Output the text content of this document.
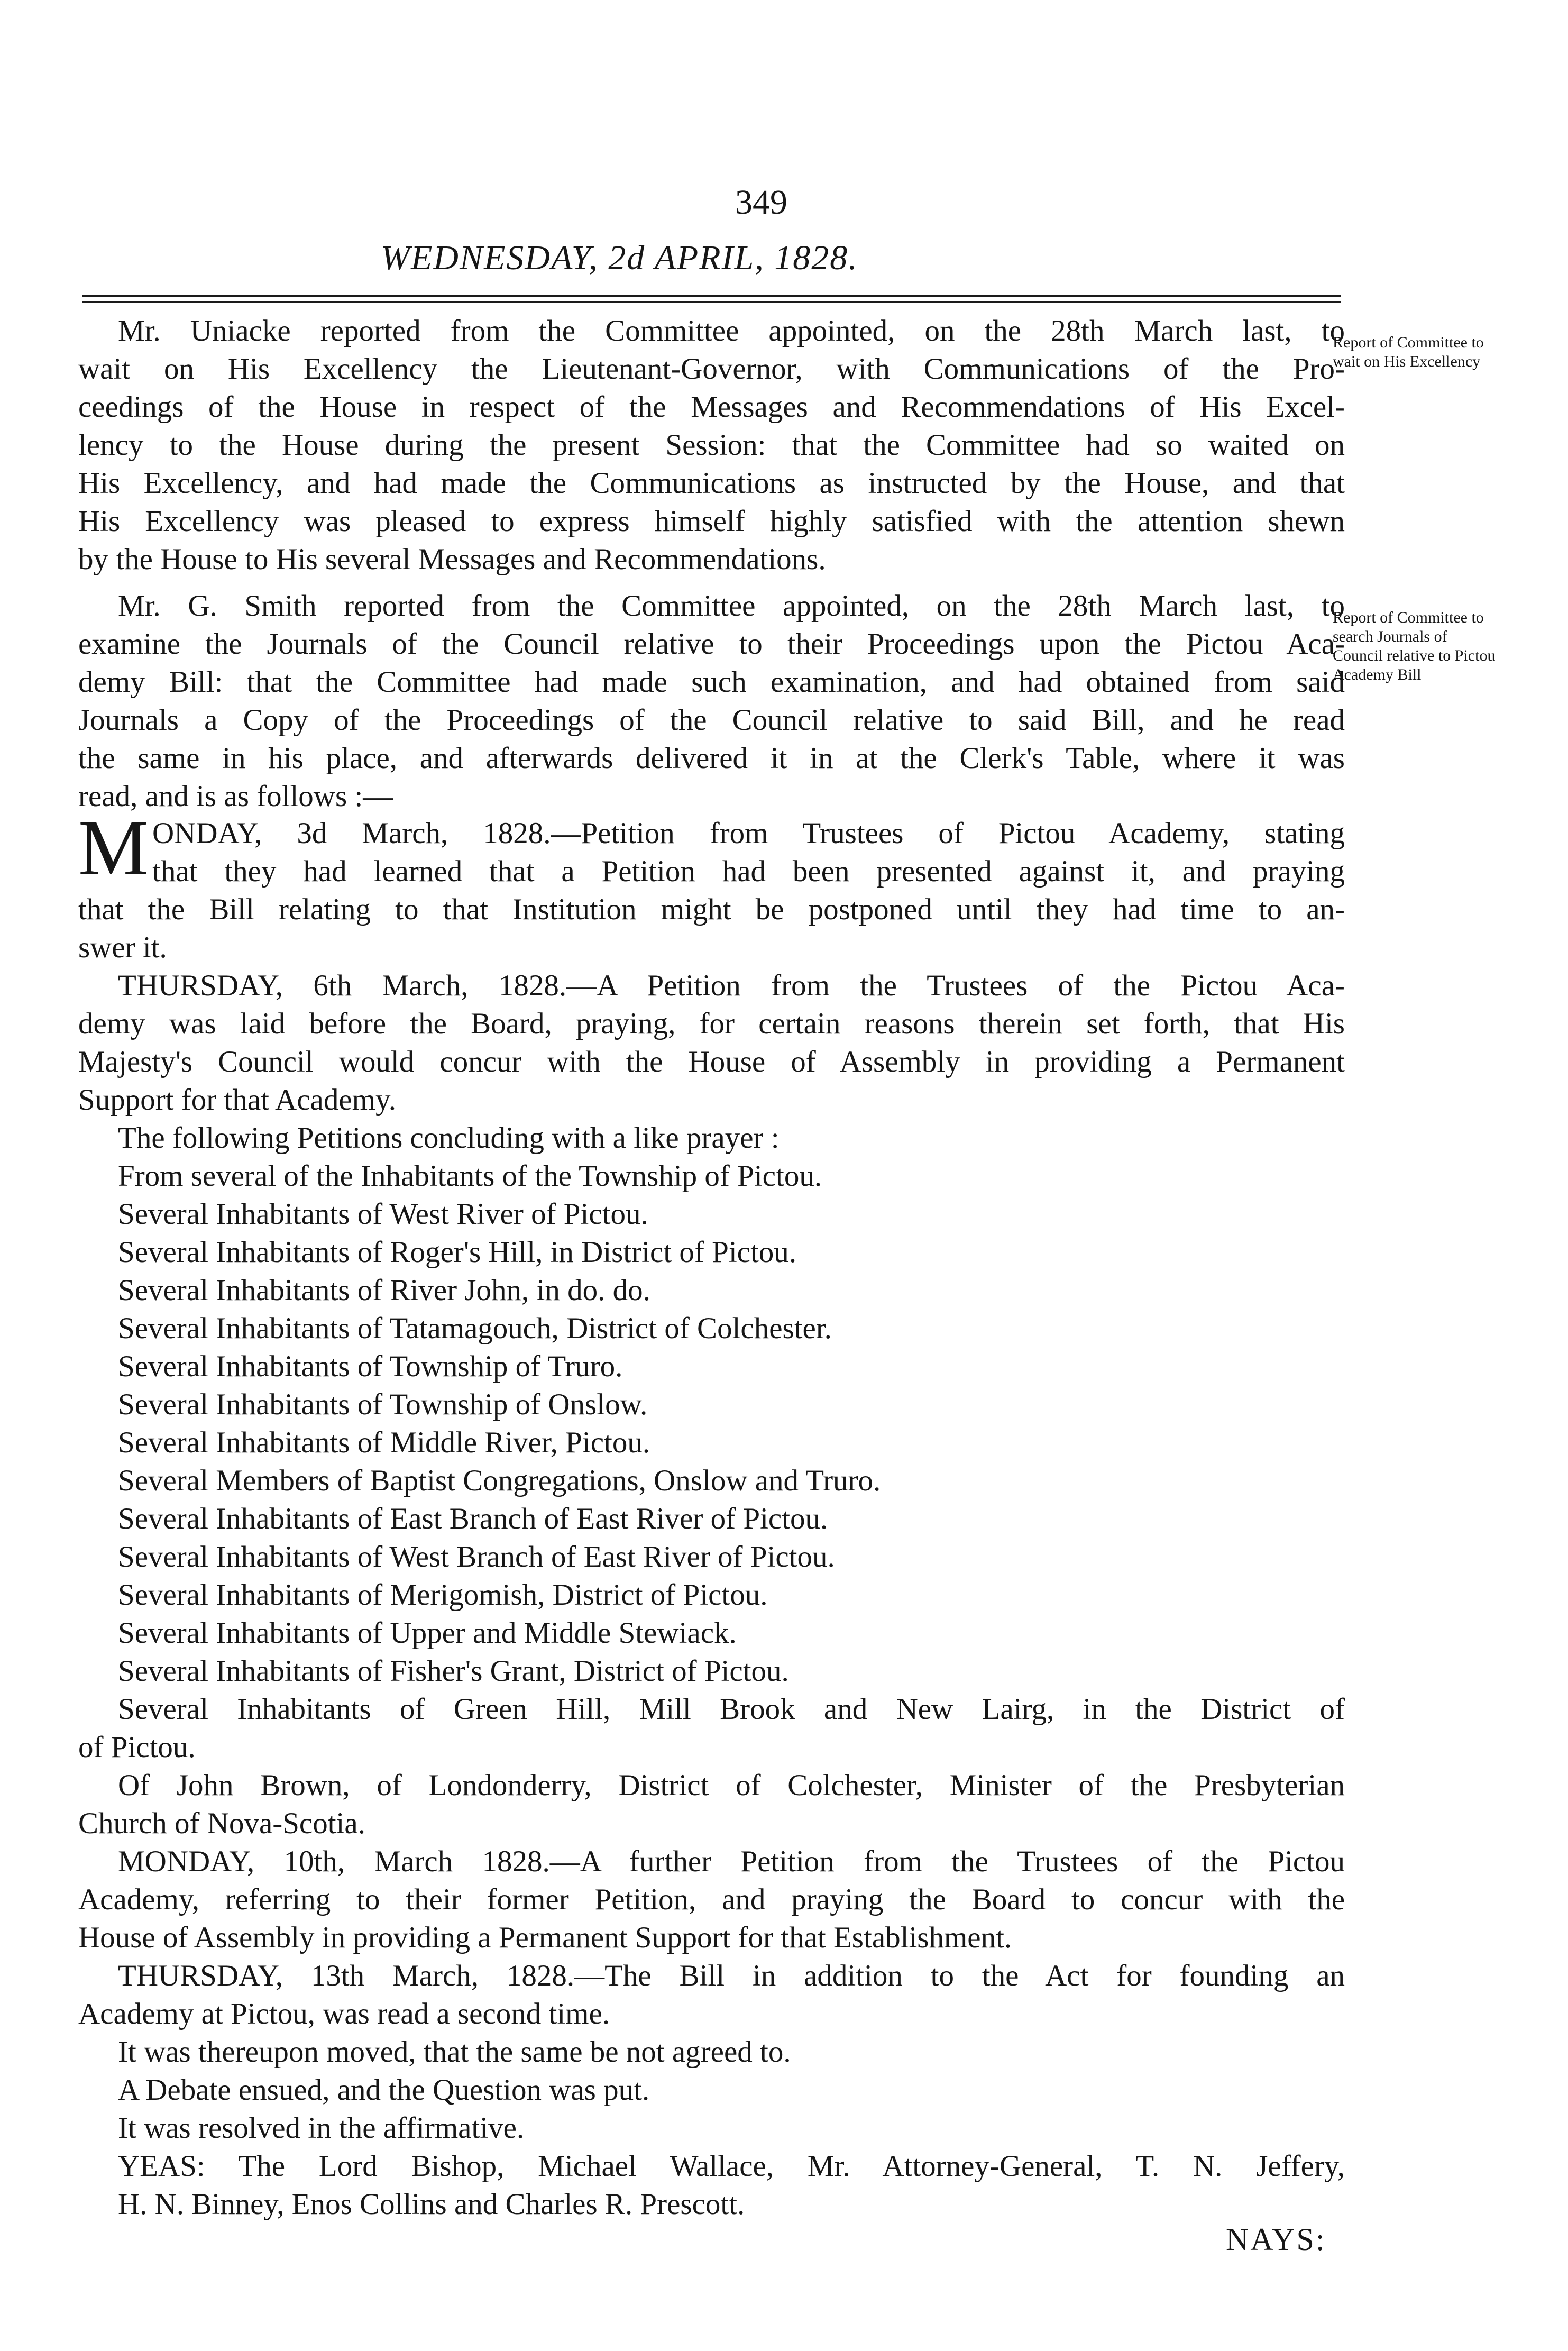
349
WEDNESDAY, 2d APRIL, 1828.
Mr. Uniacke reported from the Committee appointed, on the 28th March last, to
wait on His Excellency the Lieutenant-Governor, with Communications of the Pro-
ceedings of the House in respect of the Messages and Recommendations of His Excel-
lency to the House during the present Session: that the Committee had so waited on
His Excellency, and had made the Communications as instructed by the House, and that
His Excellency was pleased to express himself highly satisfied with the attention shewn
by the House to His several Messages and Recommendations.
Mr. G. Smith reported from the Committee appointed, on the 28th March last, to
examine the Journals of the Council relative to their Proceedings upon the Pictou Aca-
demy Bill: that the Committee had made such examination, and had obtained from said
Journals a Copy of the Proceedings of the Council relative to said Bill, and he read
the same in his place, and afterwards delivered it in at the Clerk's Table, where it was
read, and is as follows :—
M ONDAY, 3d March, 1828.—Petition from Trustees of Pictou Academy, stating
that they had learned that a Petition had been presented against it, and praying
that the Bill relating to that Institution might be postponed until they had time to an-
swer it.
THURSDAY, 6th March, 1828.—A Petition from the Trustees of the Pictou Aca-
demy was laid before the Board, praying, for certain reasons therein set forth, that His
Majesty's Council would concur with the House of Assembly in providing a Permanent
Support for that Academy.
The following Petitions concluding with a like prayer :
From several of the Inhabitants of the Township of Pictou.
Several Inhabitants of West River of Pictou.
Several Inhabitants of Roger's Hill, in District of Pictou.
Several Inhabitants of River John, in do. do.
Several Inhabitants of Tatamagouch, District of Colchester.
Several Inhabitants of Township of Truro.
Several Inhabitants of Township of Onslow.
Several Inhabitants of Middle River, Pictou.
Several Members of Baptist Congregations, Onslow and Truro.
Several Inhabitants of East Branch of East River of Pictou.
Several Inhabitants of West Branch of East River of Pictou.
Several Inhabitants of Merigomish, District of Pictou.
Several Inhabitants of Upper and Middle Stewiack.
Several Inhabitants of Fisher's Grant, District of Pictou.
Several Inhabitants of Green Hill, Mill Brook and New Lairg, in the District of
of Pictou.
Of John Brown, of Londonderry, District of Colchester, Minister of the Presbyterian
Church of Nova-Scotia.
MONDAY, 10th, March 1828.—A further Petition from the Trustees of the Pictou
Academy, referring to their former Petition, and praying the Board to concur with the
House of Assembly in providing a Permanent Support for that Establishment.
THURSDAY, 13th March, 1828.—The Bill in addition to the Act for founding an
Academy at Pictou, was read a second time.
It was thereupon moved, that the same be not agreed to.
A Debate ensued, and the Question was put.
It was resolved in the affirmative.
YEAS: The Lord Bishop, Michael Wallace, Mr. Attorney-General, T. N. Jeffery,
H. N. Binney, Enos Collins and Charles R. Prescott.
NAYS:
Report of Committee to wait on His Excellency
Report of Committee to search Journals of Council relative to Pictou Academy Bill
